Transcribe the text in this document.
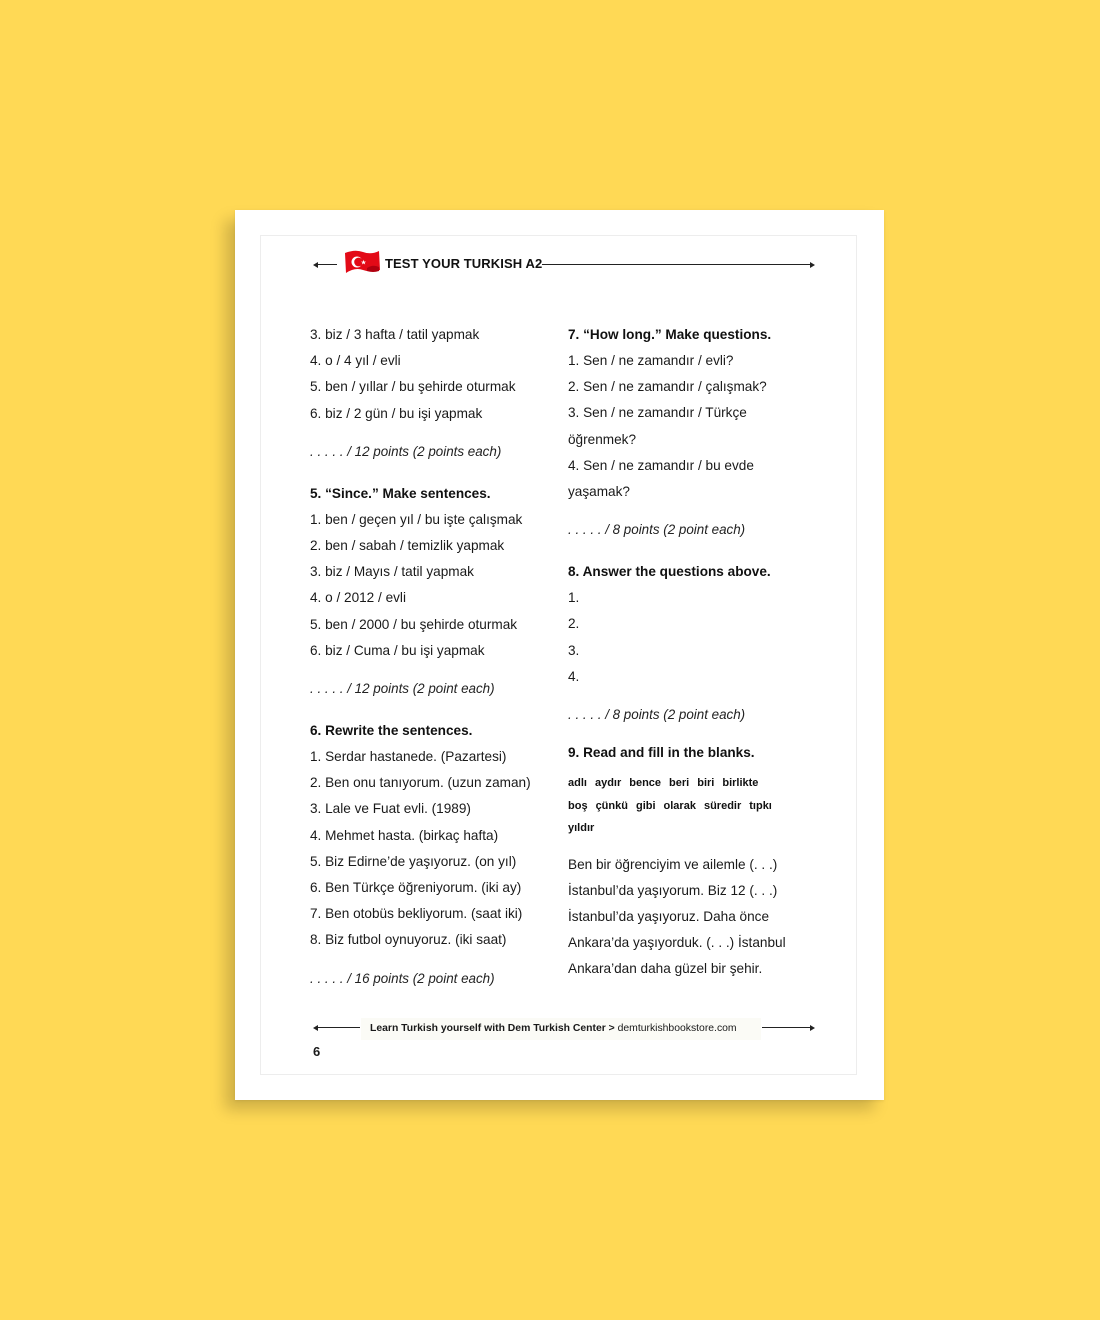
TEST YOUR TURKISH A2
3. biz / 3 hafta / tatil yapmak
4. o / 4 yıl / evli
5. ben / yıllar / bu şehirde oturmak
6. biz / 2 gün / bu işi yapmak
. . . . . / 12 points (2 points each)
5. “Since.” Make sentences.
1. ben / geçen yıl / bu işte çalışmak
2. ben / sabah / temizlik yapmak
3. biz / Mayıs / tatil yapmak
4. o / 2012 / evli
5. ben / 2000 / bu şehirde oturmak
6. biz / Cuma / bu işi yapmak
. . . . . / 12 points (2 point each)
6. Rewrite the sentences.
1. Serdar hastanede. (Pazartesi)
2. Ben onu tanıyorum. (uzun zaman)
3. Lale ve Fuat evli. (1989)
4. Mehmet hasta. (birkaç hafta)
5. Biz Edirne’de yaşıyoruz. (on yıl)
6. Ben Türkçe öğreniyorum. (iki ay)
7. Ben otobüs bekliyorum. (saat iki)
8. Biz futbol oynuyoruz. (iki saat)
. . . . . / 16 points (2 point each)
7. “How long.” Make questions.
1. Sen / ne zamandır / evli?
2. Sen / ne zamandır / çalışmak?
3. Sen / ne zamandır / Türkçe
öğrenmek?
4. Sen / ne zamandır / bu evde
yaşamak?
. . . . . / 8 points (2 point each)
8. Answer the questions above.
1.
2.
3.
4.
. . . . . / 8 points (2 point each)
9. Read and fill in the blanks.
adlı aydır bence beri biri birlikte
boş çünkü gibi olarak süredir tıpkı
yıldır
Ben bir öğrenciyim ve ailemle (. . .)
İstanbul’da yaşıyorum. Biz 12 (. . .)
İstanbul’da yaşıyoruz. Daha önce
Ankara’da yaşıyorduk. (. . .) İstanbul
Ankara’dan daha güzel bir şehir.
Learn Turkish yourself with Dem Turkish Center > demturkishbookstore.com
6
